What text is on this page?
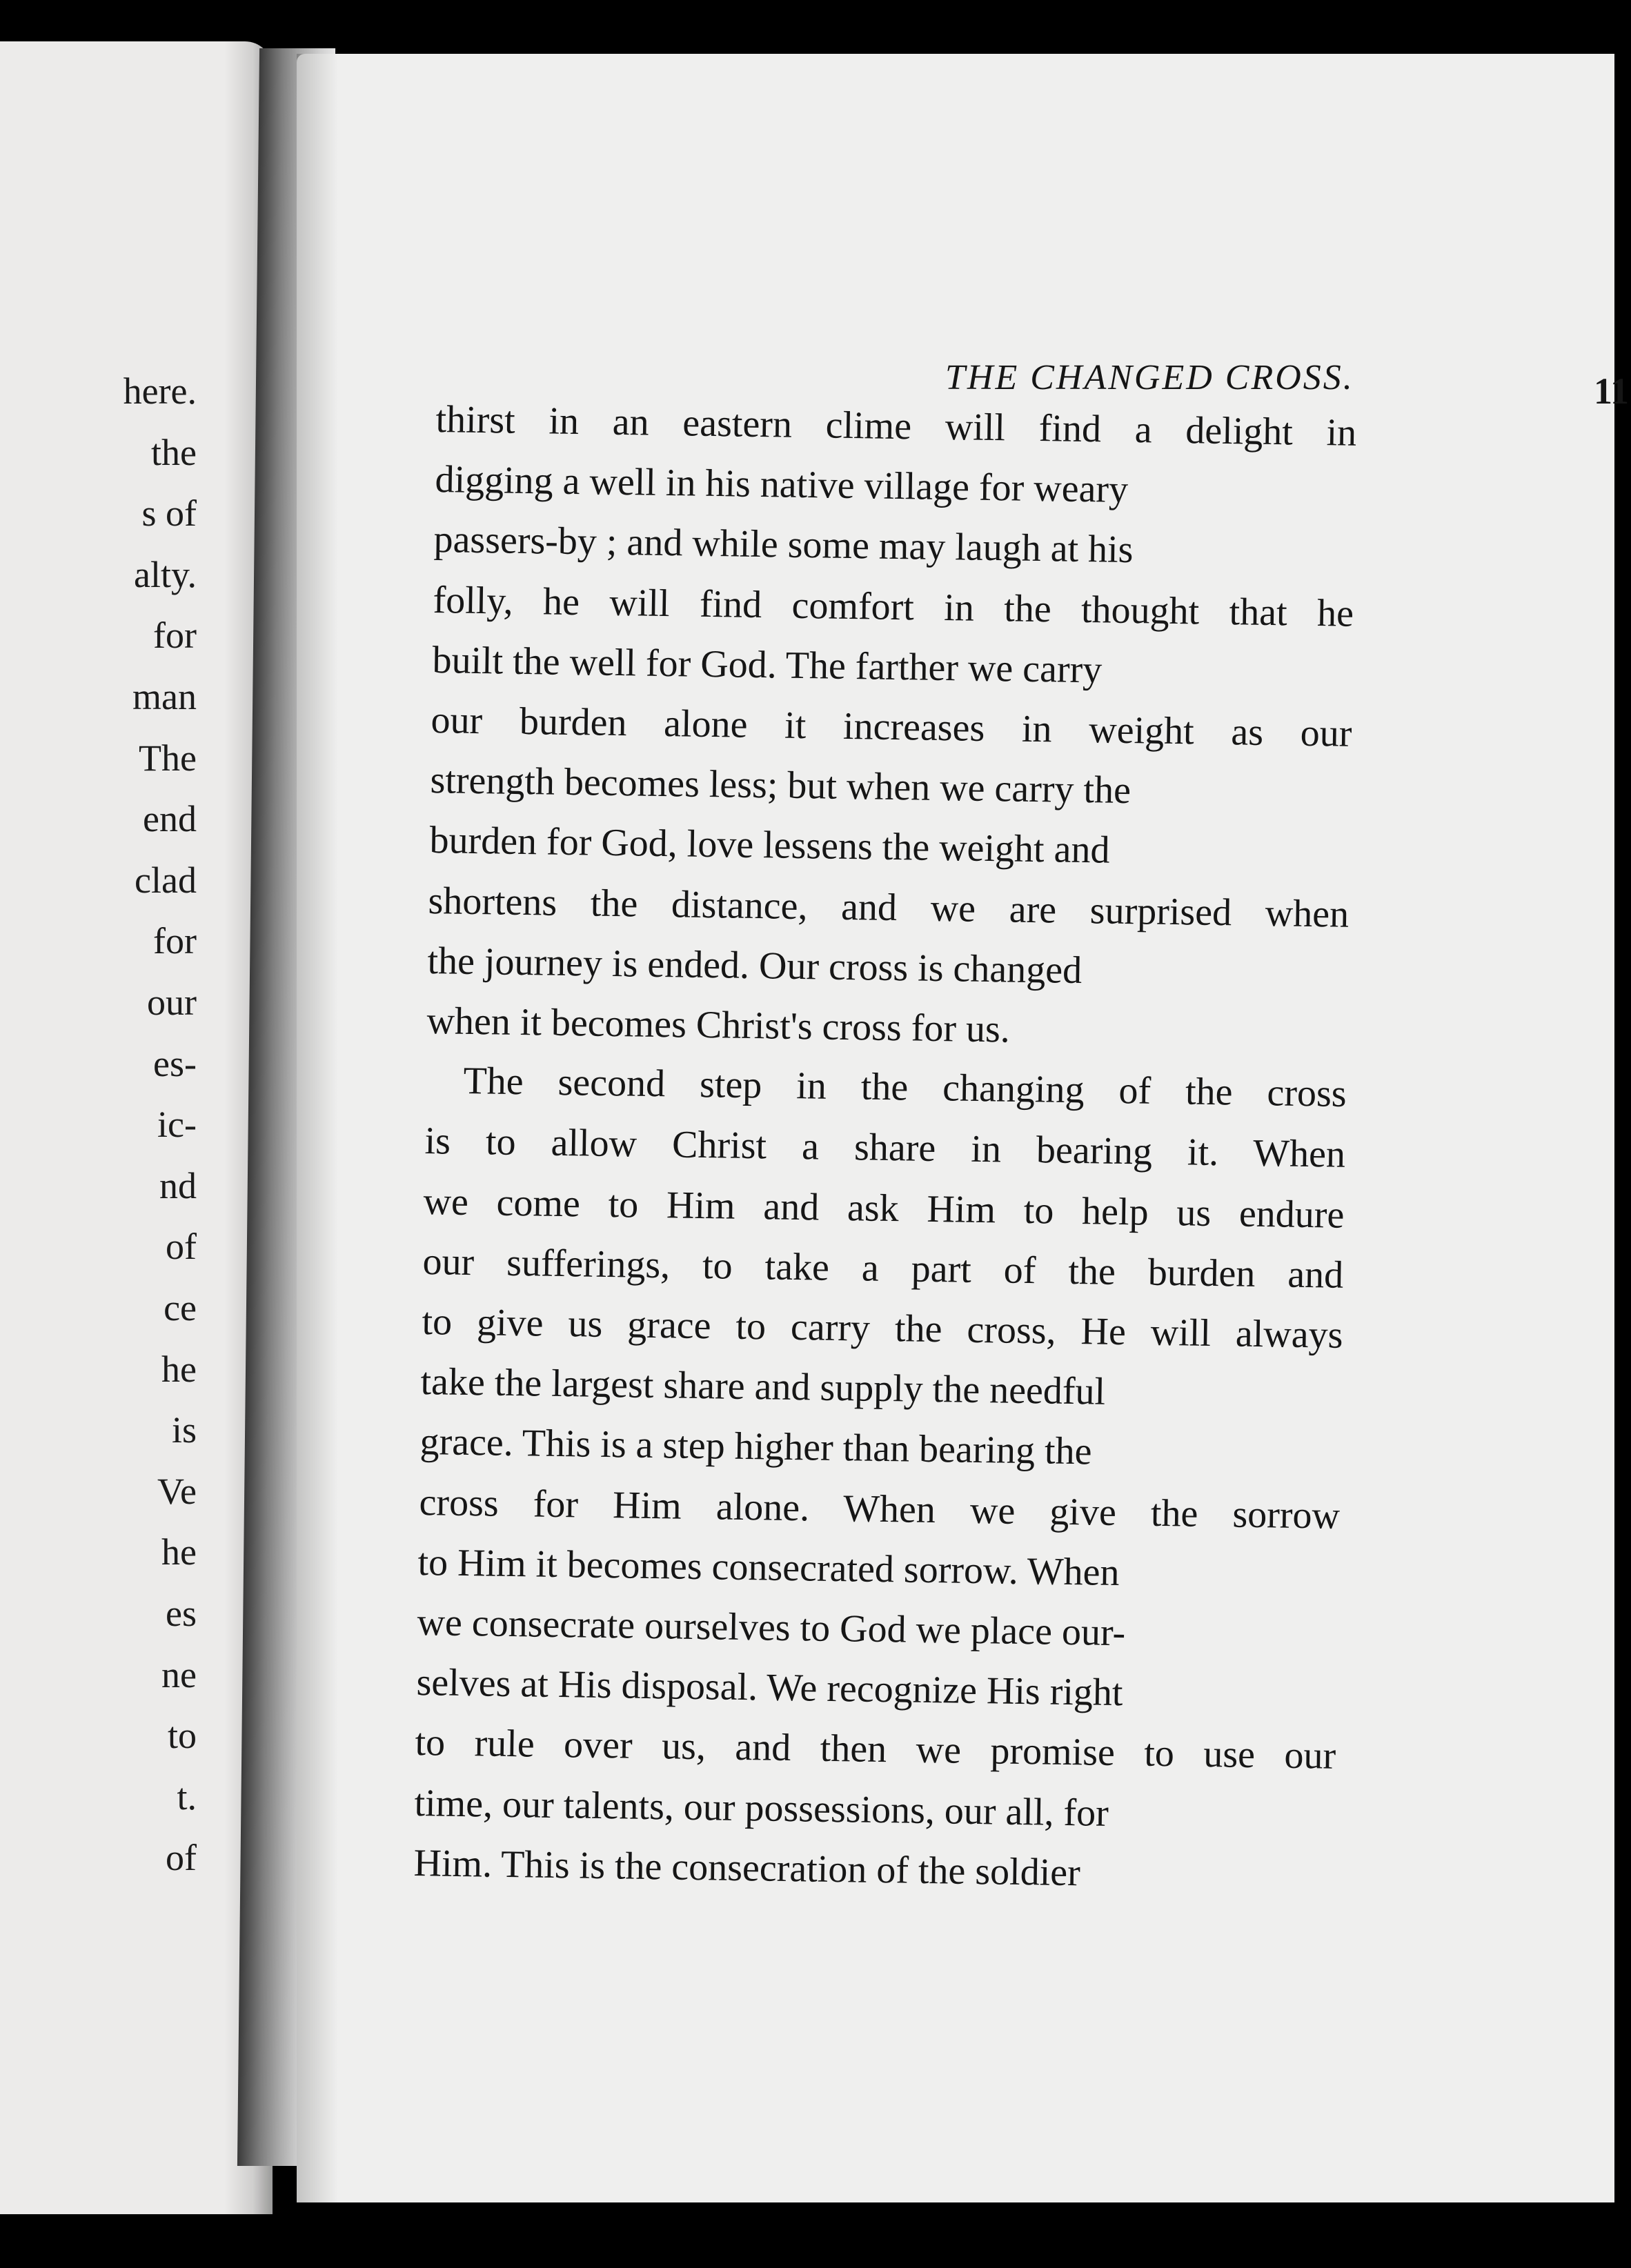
here.
the
s of
alty.
for
man
The
end
clad
for
our
es-
ic-
nd
of
ce
he
is
Ve
he
es
ne
to
t.
of
THE CHANGED CROSS.	11
thirst in an eastern clime will find a delight in
digging a well in his native village for weary
passers-by ; and while some may laugh at his
folly, he will find comfort in the thought that he
built the well for God. The farther we carry
our burden alone it increases in weight as our
strength becomes less; but when we carry the
burden for God, love lessens the weight and
shortens the distance, and we are surprised when
the journey is ended. Our cross is changed
when it becomes Christ's cross for us.
The second step in the changing of the cross
is to allow Christ a share in bearing it. When
we come to Him and ask Him to help us endure
our sufferings, to take a part of the burden and
to give us grace to carry the cross, He will always
take the largest share and supply the needful
grace. This is a step higher than bearing the
cross for Him alone. When we give the sorrow
to Him it becomes consecrated sorrow. When
we consecrate ourselves to God we place our-
selves at His disposal. We recognize His right
to rule over us, and then we promise to use our
time, our talents, our possessions, our all, for
Him. This is the consecration of the soldier
